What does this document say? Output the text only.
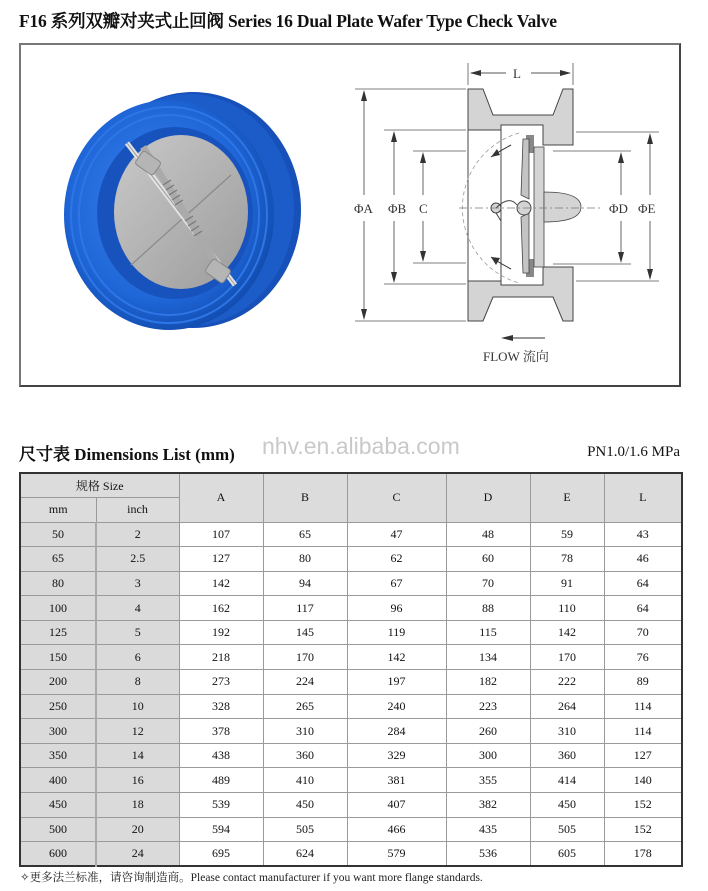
F16 系列双瓣对夹式止回阀 Series 16 Dual Plate Wafer Type Check Valve
L
ΦA ΦB C	ΦD ΦE
FLOW 流向
尺寸表 Dimensions List (mm) nhv.en.alibaba.com	PN1.0/1.6 MPa
规格 Size		A	B	C	D	E	L
mm	inch						
50	2	107	65	47	48	59	43
65	2.5	127	80	62	60	78	46
80	3	142	94	67	70	91	64
100	4	162	117	96	88	110	64
125	5	192	145	119	115	142	70
150	6	218	170	142	134	170	76
200	8	273	224	197	182	222	89
250	10	328	265	240	223	264	114
300	12	378	310	284	260	310	114
350	14	438	360	329	300	360	127
400	16	489	410	381	355	414	140
450	18	539	450	407	382	450	152
500	20	594	505	466	435	505	152
600	24	695	624	579	536	605	178
✧更多法兰标准，请咨询制造商。Please contact manufacturer if you want more flange standards.
